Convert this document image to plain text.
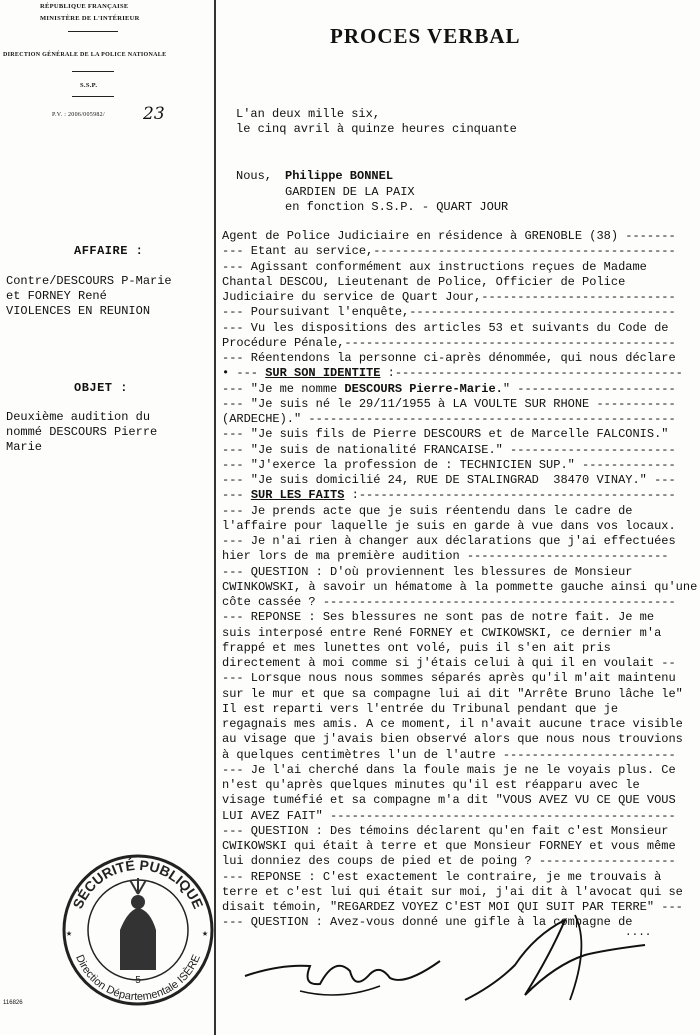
RÉPUBLIQUE FRANÇAISE
MINISTÈRE DE L'INTÉRIEUR
DIRECTION GÉNÉRALE DE LA POLICE NATIONALE
S.S.P.
P.V. : 2006/005982/ 23
PROCES VERBAL
L'an deux mille six,
le cinq avril à quinze heures cinquante
Nous, Philippe BONNEL
GARDIEN DE LA PAIX
en fonction S.S.P. - QUART JOUR
AFFAIRE :
Contre/DESCOURS P-Marie
et FORNEY René
VIOLENCES EN REUNION
OBJET :
Deuxième audition du
nommé DESCOURS Pierre
Marie
Agent de Police Judiciaire en résidence à GRENOBLE (38) -------
--- Etant au service,------------------------------------------
--- Agissant conformément aux instructions reçues de Madame
Chantal DESCOU, Lieutenant de Police, Officier de Police
Judiciaire du service de Quart Jour,---------------------------
--- Poursuivant l'enquête,-------------------------------------
--- Vu les dispositions des articles 53 et suivants du Code de
Procédure Pénale,----------------------------------------------
--- Réentendons la personne ci-après dénommée, qui nous déclare
• --- SUR SON IDENTITE :----------------------------------------
--- "Je me nomme DESCOURS Pierre-Marie." ----------------------
--- "Je suis né le 29/11/1955 à LA VOULTE SUR RHONE -----------
(ARDECHE)." ---------------------------------------------------
--- "Je suis fils de Pierre DESCOURS et de Marcelle FALCONIS."
--- "Je suis de nationalité FRANCAISE." -----------------------
--- "J'exerce la profession de : TECHNICIEN SUP." -------------
--- "Je suis domicilié 24, RUE DE STALINGRAD  38470 VINAY." ---
--- SUR LES FAITS :--------------------------------------------
--- Je prends acte que je suis réentendu dans le cadre de
l'affaire pour laquelle je suis en garde à vue dans vos locaux.
--- Je n'ai rien à changer aux déclarations que j'ai effectuées
hier lors de ma première audition ----------------------------
--- QUESTION : D'où proviennent les blessures de Monsieur
CWINKOWSKI, à savoir un hématome à la pommette gauche ainsi qu'une
côte cassée ? -------------------------------------------------
--- REPONSE : Ses blessures ne sont pas de notre fait. Je me
suis interposé entre René FORNEY et CWIKOWSKI, ce dernier m'a
frappé et mes lunettes ont volé, puis il s'en ait pris
directement à moi comme si j'étais celui à qui il en voulait --
--- Lorsque nous nous sommes séparés après qu'il m'ait maintenu
sur le mur et que sa compagne lui ai dit "Arrête Bruno lâche le"
Il est reparti vers l'entrée du Tribunal pendant que je
regagnais mes amis. A ce moment, il n'avait aucune trace visible
au visage que j'avais bien observé alors que nous nous trouvions
à quelques centimètres l'un de l'autre ------------------------
--- Je l'ai cherché dans la foule mais je ne le voyais plus. Ce
n'est qu'après quelques minutes qu'il est réapparu avec le
visage tuméfié et sa compagne m'a dit "VOUS AVEZ VU CE QUE VOUS
LUI AVEZ FAIT" ------------------------------------------------
--- QUESTION : Des témoins déclarent qu'en fait c'est Monsieur
CWIKOWSKI qui était à terre et que Monsieur FORNEY et vous même
lui donniez des coups de pied et de poing ? -------------------
--- REPONSE : C'est exactement le contraire, je me trouvais à
terre et c'est lui qui était sur moi, j'ai dit à l'avocat qui se
disait témoin, "REGARDEZ VOYEZ C'EST MOI QUI SUIT PAR TERRE" ---
--- QUESTION : Avez-vous donné une gifle à la compagne de
SÉCURITÉ PUBLIQUE
Direction Départementale ISÈRE
5
★	★	....
116826
